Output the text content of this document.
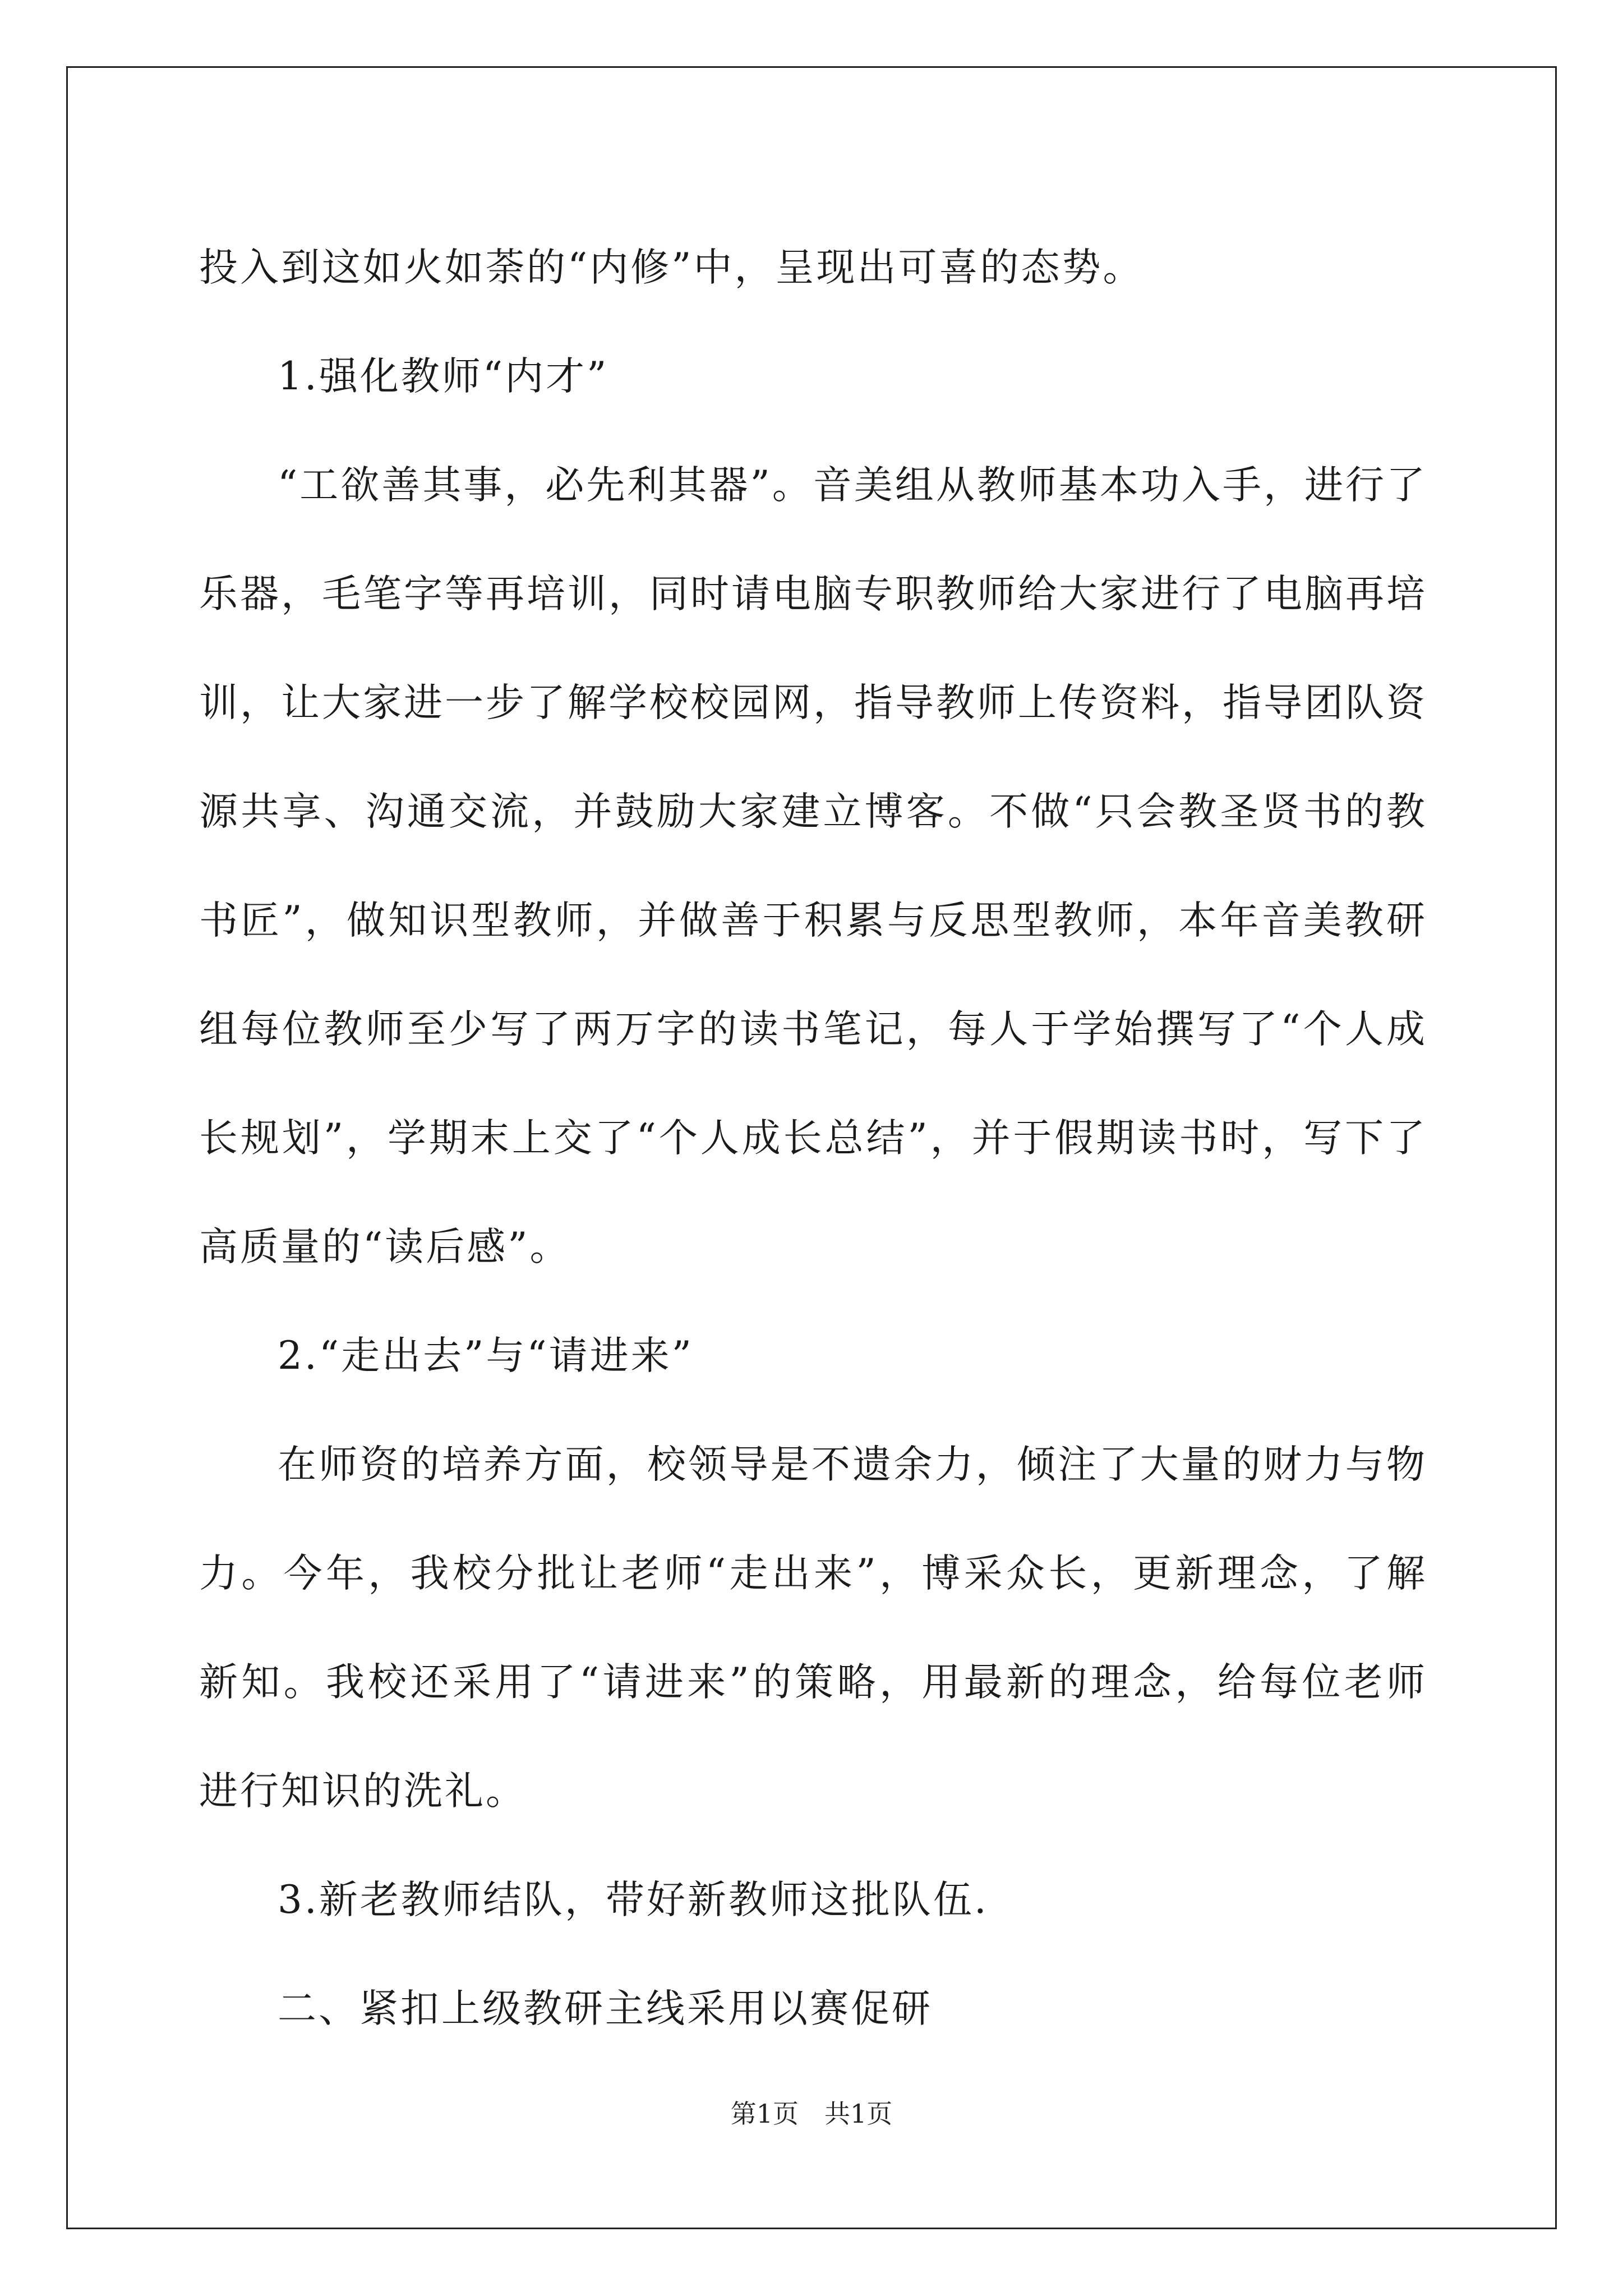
投入到这如火如荼的“内修”中，呈现出可喜的态势。

1.强化教师“内才”

“工欲善其事，必先利其器”。音美组从教师基本功入手，进行了乐器，毛笔字等再培训，同时请电脑专职教师给大家进行了电脑再培训，让大家进一步了解学校校园网，指导教师上传资料，指导团队资源共享、沟通交流，并鼓励大家建立博客。不做“只会教圣贤书的教书匠”，做知识型教师，并做善于积累与反思型教师，本年音美教研组每位教师至少写了两万字的读书笔记，每人于学始撰写了“个人成长规划”，学期末上交了“个人成长总结”，并于假期读书时，写下了高质量的“读后感”。

2.“走出去”与“请进来”

在师资的培养方面，校领导是不遗余力，倾注了大量的财力与物力。今年，我校分批让老师“走出来”，博采众长，更新理念，了解新知。我校还采用了“请进来”的策略，用最新的理念，给每位老师进行知识的洗礼。

3.新老教师结队，带好新教师这批队伍.

二、紧扣上级教研主线采用以赛促研

第1页　共1页
